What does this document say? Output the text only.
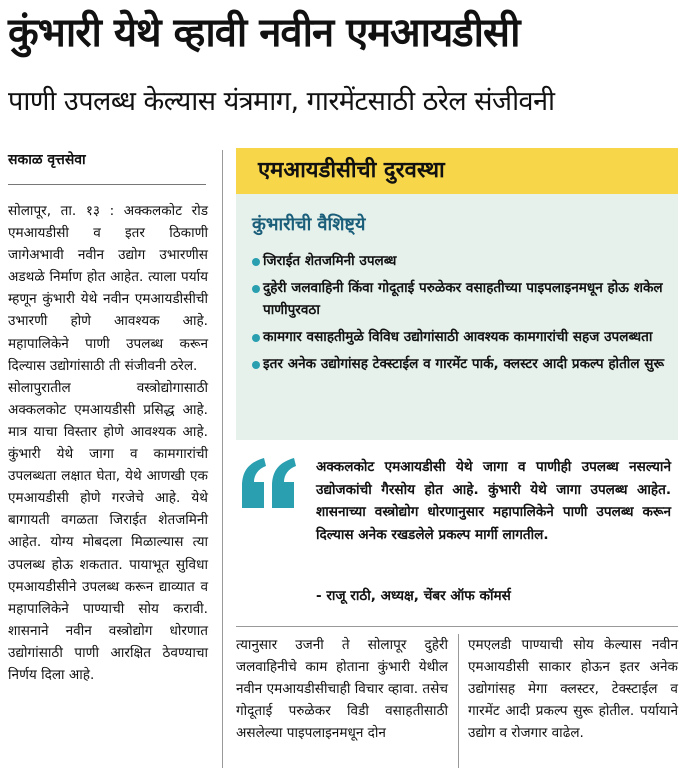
कुंभारी येथे व्हावी नवीन एमआयडीसी
पाणी उपलब्ध केल्यास यंत्रमाग, गारमेंटसाठी ठरेल संजीवनी
सकाळ वृत्तसेवा

सोलापूर, ता. १३ : अक्कलकोट रोड एमआयडीसी व इतर ठिकाणी जागेअभावी नवीन उद्योग उभारणीस अडथळे निर्माण होत आहेत. त्याला पर्याय म्हणून कुंभारी येथे नवीन एमआयडीसीची उभारणी होणे आवश्यक आहे. महापालिकेने पाणी उपलब्ध करून दिल्यास उद्योगांसाठी ती संजीवनी ठरेल.
सोलापुरातील वस्त्रोद्योगासाठी अक्कलकोट एमआयडीसी प्रसिद्ध आहे. मात्र याचा विस्तार होणे आवश्यक आहे. कुंभारी येथे जागा व कामगारांची उपलब्धता लक्षात घेता, येथे आणखी एक एमआयडीसी होणे गरजेचे आहे. येथे बागायती वगळता जिराईत शेतजमिनी आहेत. योग्य मोबदला मिळाल्यास त्या उपलब्ध होऊ शकतात. पायाभूत सुविधा एमआयडीसीने उपलब्ध करून द्याव्यात व महापालिकेने पाण्याची सोय करावी. शासनाने नवीन वस्त्रोद्योग धोरणात उद्योगांसाठी पाणी आरक्षित ठेवण्याचा निर्णय दिला आहे.

एमआयडीसीची दुरवस्था
कुंभारीची वैशिष्ट्ये
जिराईत शेतजमिनी उपलब्ध
दुहेरी जलवाहिनी किंवा गोदूताई परुळेकर वसाहतीच्या पाइपलाइनमधून होऊ शकेल पाणीपुरवठा
कामगार वसाहतीमुळे विविध उद्योगांसाठी आवश्यक कामगारांची सहज उपलब्धता
इतर अनेक उद्योगांसह टेक्स्टाईल व गारमेंट पार्क, क्लस्टर आदी प्रकल्प होतील सुरू

अक्कलकोट एमआयडीसी येथे जागा व पाणीही उपलब्ध नसल्याने उद्योजकांची गैरसोय होत आहे. कुंभारी येथे जागा उपलब्ध आहेत. शासनाच्या वस्त्रोद्योग धोरणानुसार महापालिकेने पाणी उपलब्ध करून दिल्यास अनेक रखडलेले प्रकल्प मार्गी लागतील.

- राजू राठी, अध्यक्ष, चेंबर ऑफ कॉमर्स

त्यानुसार उजनी ते सोलापूर दुहेरी जलवाहिनीचे काम होताना कुंभारी येथील नवीन एमआयडीसीचाही विचार व्हावा. तसेच गोदूताई परुळेकर विडी वसाहतीसाठी असलेल्या पाइपलाइनमधून दोन

एमएलडी पाण्याची सोय केल्यास नवीन एमआयडीसी साकार होऊन इतर अनेक उद्योगांसह मेगा क्लस्टर, टेक्स्टाईल व गारमेंट आदी प्रकल्प सुरू होतील. पर्यायाने उद्योग व रोजगार वाढेल.
